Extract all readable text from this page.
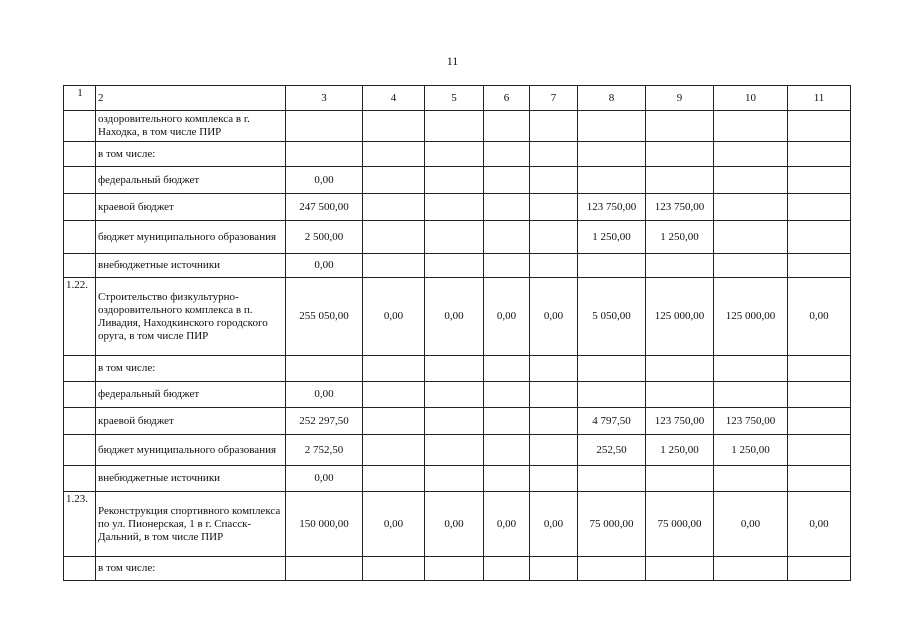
11
1	2	3	4	5	6	7	8	9	10	11
	оздоровительного комплекса в г. Находка, в том числе ПИР									
	в том числе:									
	федеральный бюджет	0,00								
	краевой бюджет	247 500,00					123 750,00	123 750,00		
	бюджет муниципального образования	2 500,00					1 250,00	1 250,00		
	внебюджетные источники	0,00								
1.22.	Строительство физкультурно-оздоровительного комплекса в п. Ливадия, Находкинского городского оруга, в том числе ПИР	255 050,00	0,00	0,00	0,00	0,00	5 050,00	125 000,00	125 000,00	0,00
	в том числе:									
	федеральный бюджет	0,00								
	краевой бюджет	252 297,50					4 797,50	123 750,00	123 750,00	
	бюджет муниципального образования	2 752,50					252,50	1 250,00	1 250,00	
	внебюджетные источники	0,00								
1.23.	Реконструкция спортивного комплекса по ул. Пионерская, 1 в г. Спасск-Дальний, в том числе ПИР	150 000,00	0,00	0,00	0,00	0,00	75 000,00	75 000,00	0,00	0,00
	в том числе:									
